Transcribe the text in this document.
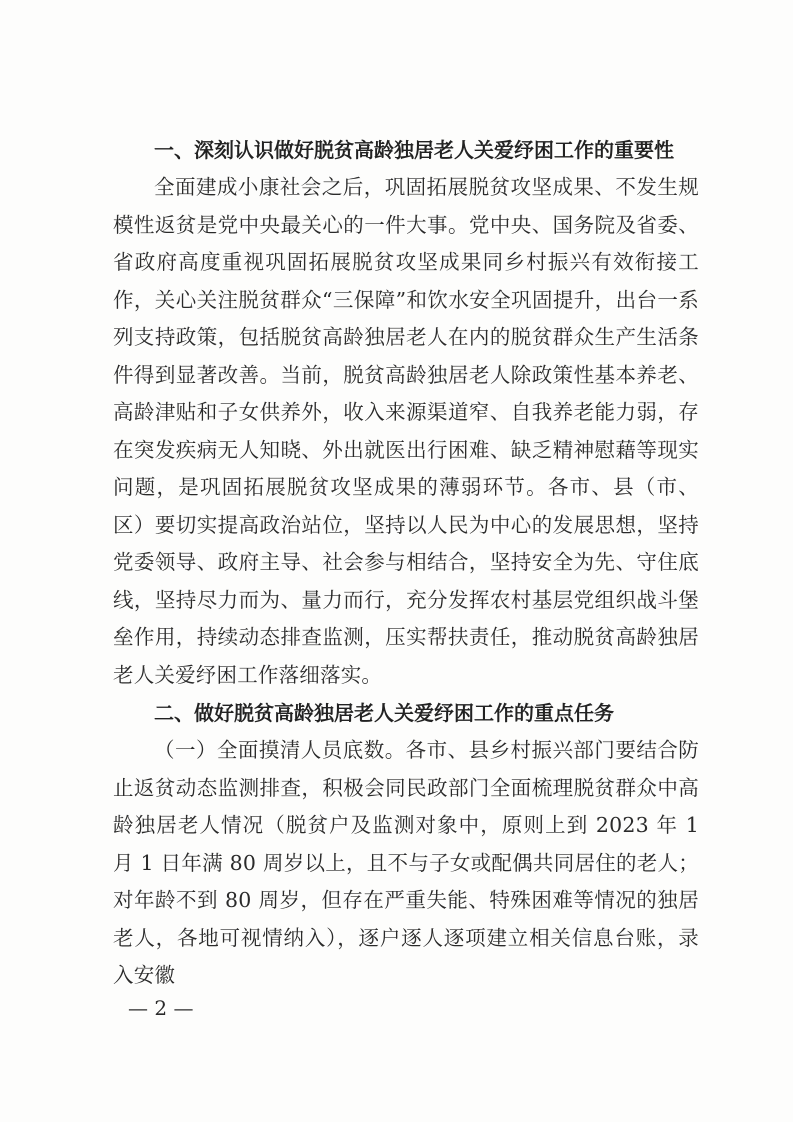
一、深刻认识做好脱贫高龄独居老人关爱纾困工作的重要性

全面建成小康社会之后，巩固拓展脱贫攻坚成果、不发生规模性返贫是党中央最关心的一件大事。党中央、国务院及省委、省政府高度重视巩固拓展脱贫攻坚成果同乡村振兴有效衔接工作，关心关注脱贫群众“三保障”和饮水安全巩固提升，出台一系列支持政策，包括脱贫高龄独居老人在内的脱贫群众生产生活条件得到显著改善。当前，脱贫高龄独居老人除政策性基本养老、高龄津贴和子女供养外，收入来源渠道窄、自我养老能力弱，存在突发疾病无人知晓、外出就医出行困难、缺乏精神慰藉等现实问题，是巩固拓展脱贫攻坚成果的薄弱环节。各市、县（市、区）要切实提高政治站位，坚持以人民为中心的发展思想，坚持党委领导、政府主导、社会参与相结合，坚持安全为先、守住底线，坚持尽力而为、量力而行，充分发挥农村基层党组织战斗堡垒作用，持续动态排查监测，压实帮扶责任，推动脱贫高龄独居老人关爱纾困工作落细落实。

二、做好脱贫高龄独居老人关爱纾困工作的重点任务

（一）全面摸清人员底数。各市、县乡村振兴部门要结合防止返贫动态监测排查，积极会同民政部门全面梳理脱贫群众中高龄独居老人情况（脱贫户及监测对象中，原则上到 2023 年 1 月 1 日年满 80 周岁以上，且不与子女或配偶共同居住的老人；对年龄不到 80 周岁，但存在严重失能、特殊困难等情况的独居老人，各地可视情纳入），逐户逐人逐项建立相关信息台账，录入安徽

— 2 —
